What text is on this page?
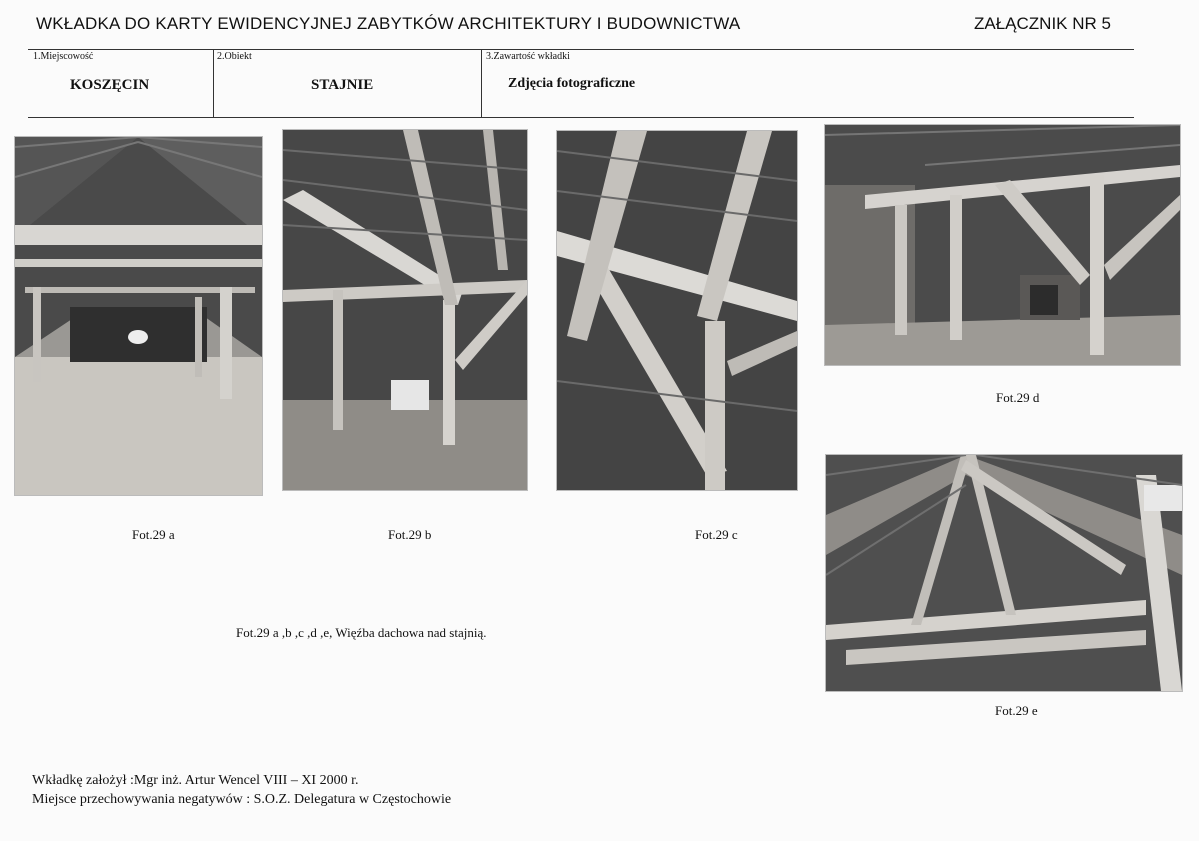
WKŁADKA DO KARTY EWIDENCYJNEJ ZABYTKÓW ARCHITEKTURY I BUDOWNICTWA	ZAŁĄCZNIK NR 5
1.Miejscowość
KOSZĘCIN
2.Obiekt
STAJNIE
3.Zawartość wkładki
Zdjęcia fotograficzne
Fot.29 a	Fot.29 b	Fot.29 c
Fot.29 d
Fot.29 e
Fot.29 a ,b ,c ,d ,e, Więźba dachowa nad stajnią.
Wkładkę założył :Mgr inż. Artur Wencel VIII – XI 2000 r.
Miejsce przechowywania negatywów : S.O.Z. Delegatura w Częstochowie
